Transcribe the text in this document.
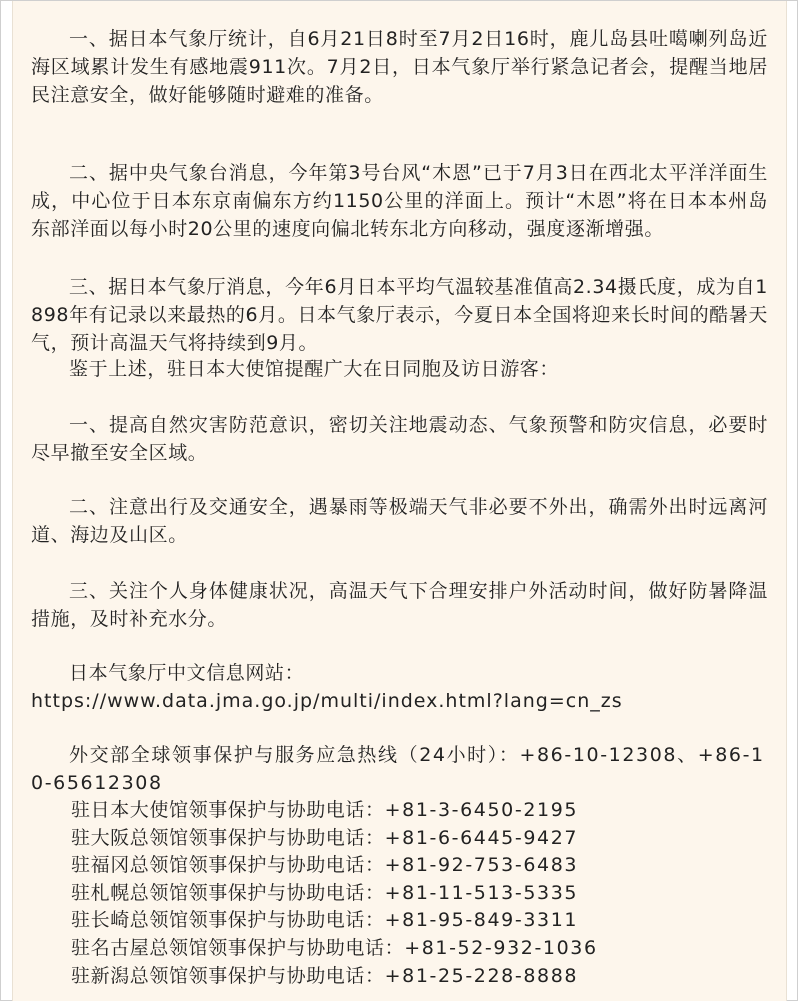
一、据日本气象厅统计，自6月21日8时至7月2日16时，鹿儿岛县吐噶喇列岛近海区域累计发生有感地震911次。7月2日，日本气象厅举行紧急记者会，提醒当地居民注意安全，做好能够随时避难的准备。

二、据中央气象台消息，今年第3号台风“木恩”已于7月3日在西北太平洋洋面生成，中心位于日本东京南偏东方约1150公里的洋面上。预计“木恩”将在日本本州岛东部洋面以每小时20公里的速度向偏北转东北方向移动，强度逐渐增强。

三、据日本气象厅消息，今年6月日本平均气温较基准值高2.34摄氏度，成为自1898年有记录以来最热的6月。日本气象厅表示，今夏日本全国将迎来长时间的酷暑天气，预计高温天气将持续到9月。

鉴于上述，驻日本大使馆提醒广大在日同胞及访日游客：

一、提高自然灾害防范意识，密切关注地震动态、气象预警和防灾信息，必要时尽早撤至安全区域。

二、注意出行及交通安全，遇暴雨等极端天气非必要不外出，确需外出时远离河道、海边及山区。

三、关注个人身体健康状况，高温天气下合理安排户外活动时间，做好防暑降温措施，及时补充水分。

日本气象厅中文信息网站：
https://www.data.jma.go.jp/multi/index.html?lang=cn_zs
外交部全球领事保护与服务应急热线（24小时）：+86-10-12308、+86-10-65612308
驻日本大使馆领事保护与协助电话：+81-3-6450-2195
驻大阪总领馆领事保护与协助电话：+81-6-6445-9427
驻福冈总领馆领事保护与协助电话：+81-92-753-6483
驻札幌总领馆领事保护与协助电话：+81-11-513-5335
驻长崎总领馆领事保护与协助电话：+81-95-849-3311
驻名古屋总领馆领事保护与协助电话：+81-52-932-1036
驻新潟总领馆领事保护与协助电话：+81-25-228-8888
